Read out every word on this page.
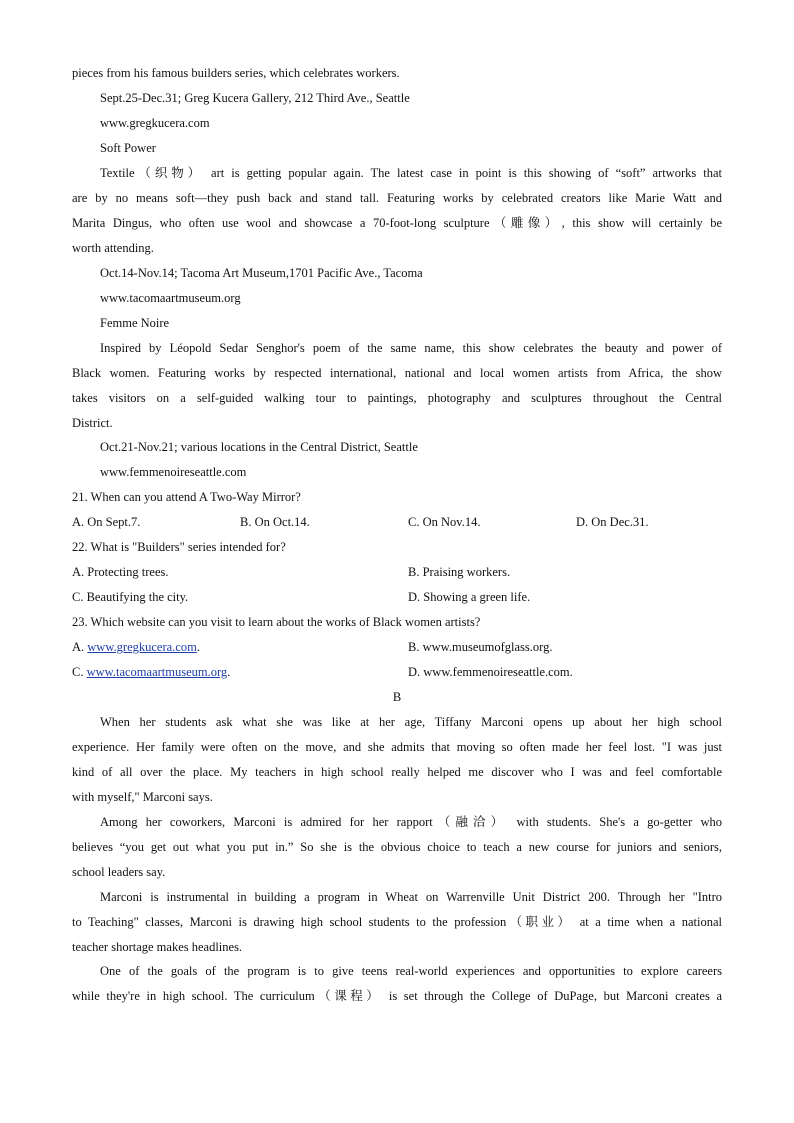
pieces from his famous builders series, which celebrates workers.
Sept.25-Dec.31; Greg Kucera Gallery, 212 Third Ave., Seattle
www.gregkucera.com
Soft Power
Textile（织物） art is getting popular again. The latest case in point is this showing of “soft” artworks that
are by no means soft—they push back and stand tall. Featuring works by celebrated creators like Marie Watt and
Marita Dingus, who often use wool and showcase a 70-foot-long sculpture（雕像）, this show will certainly be
worth attending.
Oct.14-Nov.14; Tacoma Art Museum,1701 Pacific Ave., Tacoma
www.tacomaartmuseum.org
Femme Noire
Inspired by Léopold Sedar Senghor's poem of the same name, this show celebrates the beauty and power of
Black women. Featuring works by respected international, national and local women artists from Africa, the show
takes visitors on a self-guided walking tour to paintings, photography and sculptures throughout the Central
District.
Oct.21-Nov.21; various locations in the Central District, Seattle
www.femmenoireseattle.com
21. When can you attend A Two-Way Mirror?
A. On Sept.7.	B. On Oct.14.	C. On Nov.14.	D. On Dec.31.
22. What is "Builders" series intended for?
A. Protecting trees.	B. Praising workers.
C. Beautifying the city.	D. Showing a green life.
23. Which website can you visit to learn about the works of Black women artists?
A. www.gregkucera.com.	B. www.museumofglass.org.
C. www.tacomaartmuseum.org.	D. www.femmenoireseattle.com.
B
When her students ask what she was like at her age, Tiffany Marconi opens up about her high school
experience. Her family were often on the move, and she admits that moving so often made her feel lost. "I was just
kind of all over the place. My teachers in high school really helped me discover who I was and feel comfortable
with myself," Marconi says.
Among her coworkers, Marconi is admired for her rapport（融洽） with students. She's a go-getter who
believes “you get out what you put in.” So she is the obvious choice to teach a new course for juniors and seniors,
school leaders say.
Marconi is instrumental in building a program in Wheat on Warrenville Unit District 200. Through her "Intro
to Teaching" classes, Marconi is drawing high school students to the profession（职业） at a time when a national
teacher shortage makes headlines.
One of the goals of the program is to give teens real-world experiences and opportunities to explore careers
while they're in high school. The curriculum（课程） is set through the College of DuPage, but Marconi creates a
